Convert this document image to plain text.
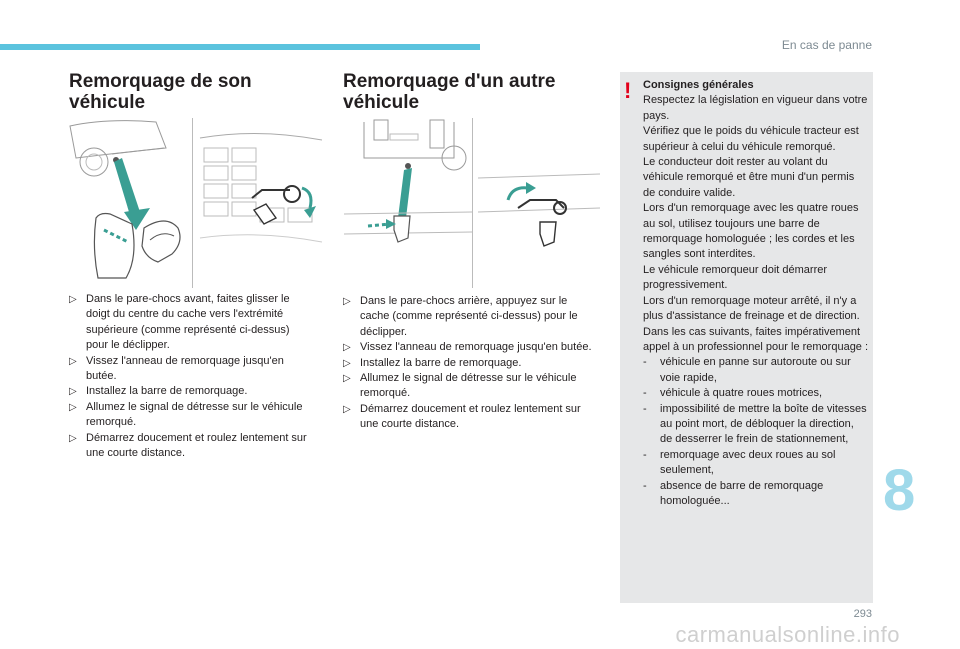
En cas de panne
Remorquage de son
véhicule
▷ Dans le pare-chocs avant, faites glisser le doigt du centre du cache vers l'extrémité supérieure (comme représenté ci-dessus) pour le déclipper.
▷ Vissez l'anneau de remorquage jusqu'en butée.
▷ Installez la barre de remorquage.
▷ Allumez le signal de détresse sur le véhicule remorqué.
▷ Démarrez doucement et roulez lentement sur une courte distance.
Remorquage d'un autre
véhicule
▷ Dans le pare-chocs arrière, appuyez sur le cache (comme représenté ci-dessus) pour le déclipper.
▷ Vissez l'anneau de remorquage jusqu'en butée.
▷ Installez la barre de remorquage.
▷ Allumez le signal de détresse sur le véhicule remorqué.
▷ Démarrez doucement et roulez lentement sur une courte distance.
! Consignes générales
Respectez la législation en vigueur dans votre pays.
Vérifiez que le poids du véhicule tracteur est supérieur à celui du véhicule remorqué.
Le conducteur doit rester au volant du véhicule remorqué et être muni d'un permis de conduire valide.
Lors d'un remorquage avec les quatre roues au sol, utilisez toujours une barre de remorquage homologuée ; les cordes et les sangles sont interdites.
Le véhicule remorqueur doit démarrer progressivement.
Lors d'un remorquage moteur arrêté, il n'y a plus d'assistance de freinage et de direction.
Dans les cas suivants, faites impérativement appel à un professionnel pour le remorquage :
- véhicule en panne sur autoroute ou sur voie rapide,
- véhicule à quatre roues motrices,
- impossibilité de mettre la boîte de vitesses au point mort, de débloquer la direction, de desserrer le frein de stationnement,
- remorquage avec deux roues au sol seulement,
- absence de barre de remorquage homologuée...	8
293
carmanualsonline.info
